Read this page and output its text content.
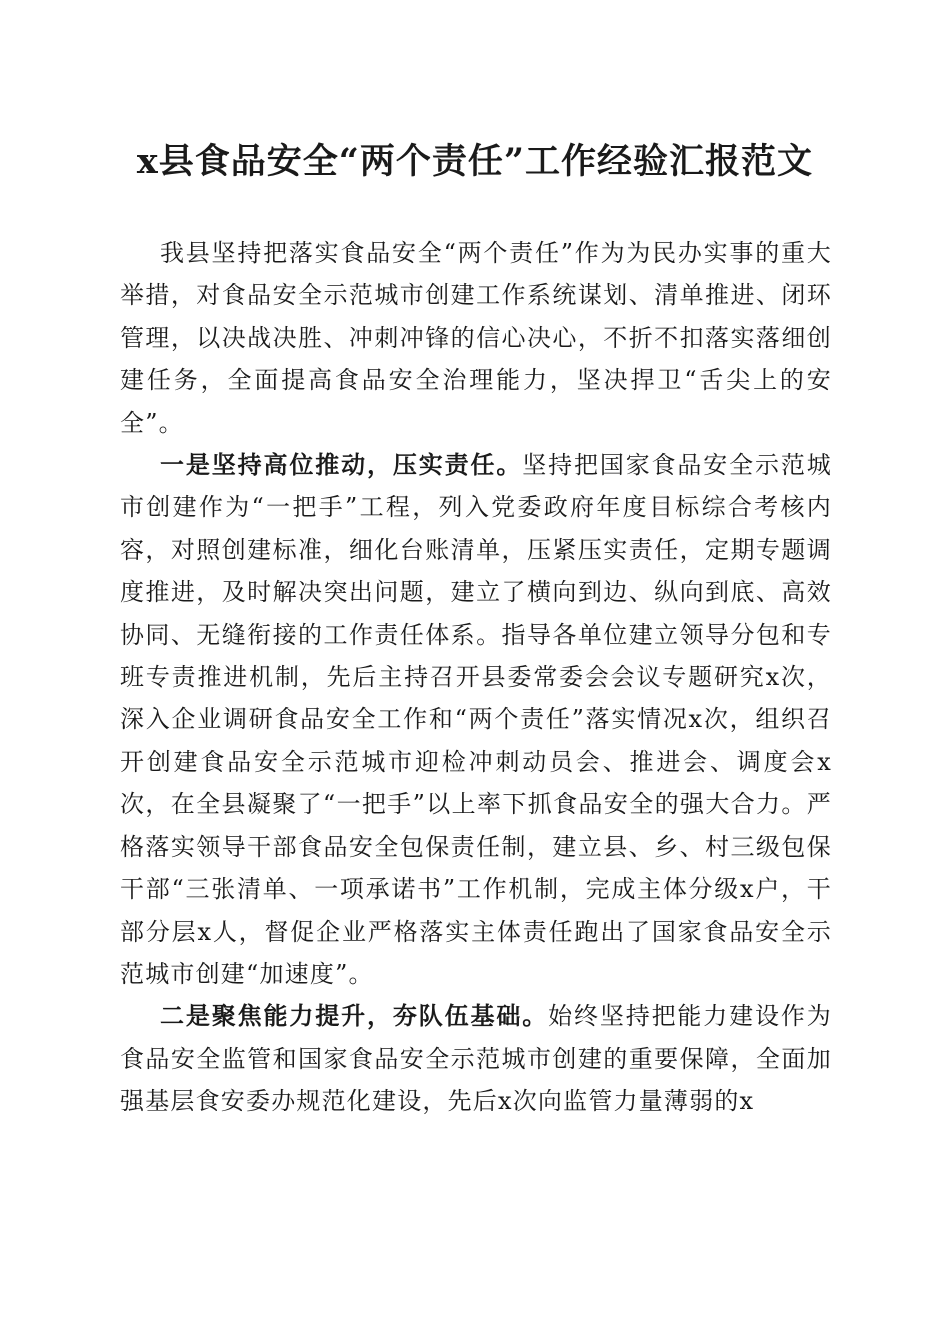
x县食品安全“两个责任”工作经验汇报范文

我县坚持把落实食品安全“两个责任”作为为民办实事的重大举措，对食品安全示范城市创建工作系统谋划、清单推进、闭环管理，以决战决胜、冲刺冲锋的信心决心，不折不扣落实落细创建任务，全面提高食品安全治理能力，坚决捍卫“舌尖上的安全”。

一是坚持高位推动，压实责任。坚持把国家食品安全示范城市创建作为“一把手”工程，列入党委政府年度目标综合考核内容，对照创建标准，细化台账清单，压紧压实责任，定期专题调度推进，及时解决突出问题，建立了横向到边、纵向到底、高效协同、无缝衔接的工作责任体系。指导各单位建立领导分包和专班专责推进机制，先后主持召开县委常委会会议专题研究x次，深入企业调研食品安全工作和“两个责任”落实情况x次，组织召开创建食品安全示范城市迎检冲刺动员会、推进会、调度会x次，在全县凝聚了“一把手”以上率下抓食品安全的强大合力。严格落实领导干部食品安全包保责任制，建立县、乡、村三级包保干部“三张清单、一项承诺书”工作机制，完成主体分级x户，干部分层x人，督促企业严格落实主体责任跑出了国家食品安全示范城市创建“加速度”。

二是聚焦能力提升，夯队伍基础。始终坚持把能力建设作为食品安全监管和国家食品安全示范城市创建的重要保障，全面加强基层食安委办规范化建设，先后x次向监管力量薄弱的x
